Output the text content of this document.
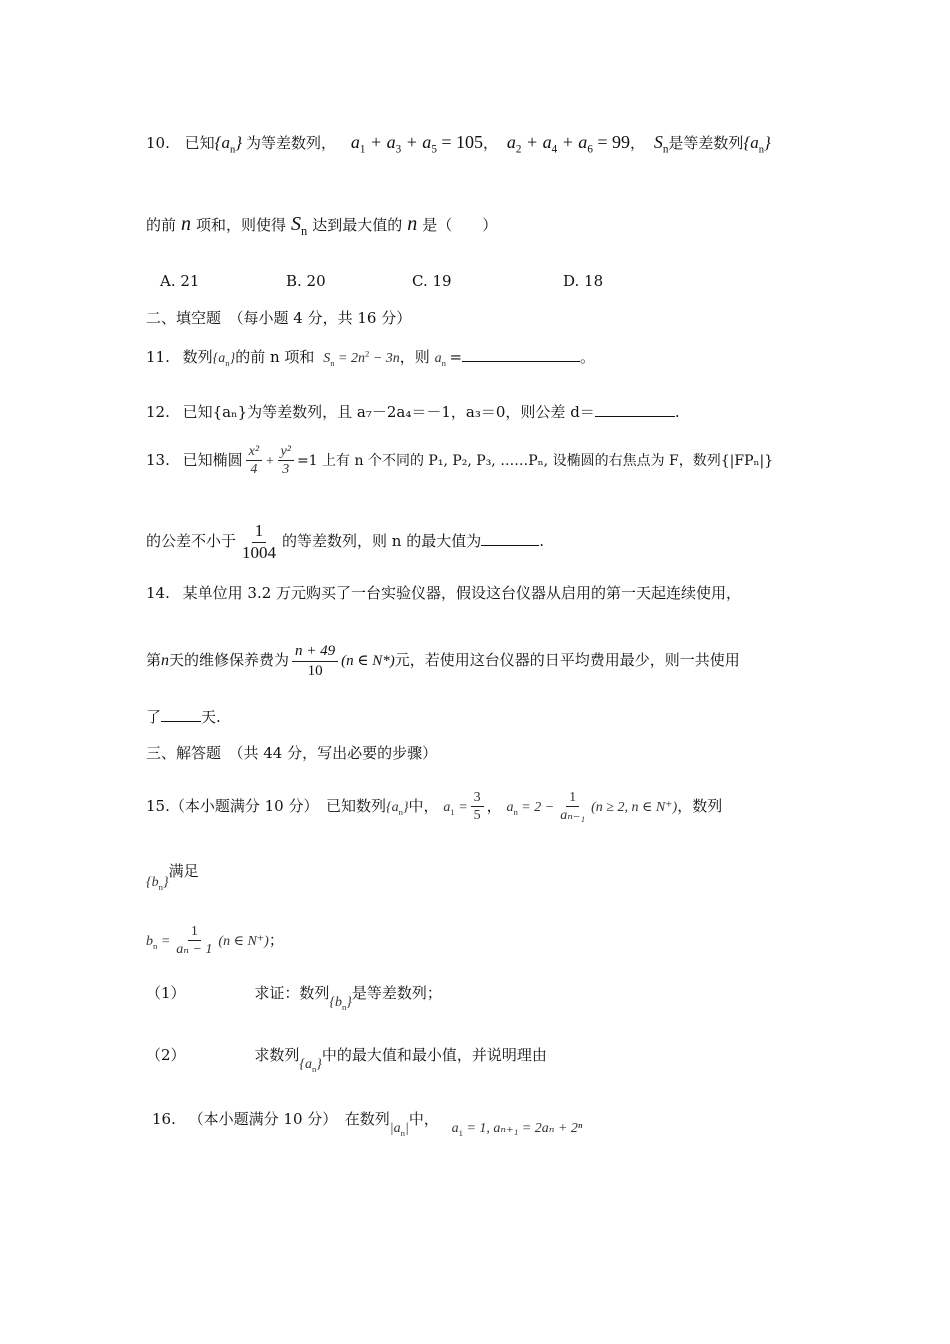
10. 已知$\{a_n\}$ 为等差数列， $a_1 + a_3 + a_5 = 105$， $a_2 + a_4 + a_6 = 99$， $S_n$是等差数列$\{a_n\}$
的前 n 项和，则使得 $S_n$ 达到最大值的 n 是（　　）
A. 21	B. 20	C. 19	D. 18
二、填空题　（每小题 4 分，共 16 分）
11. 数列$\{a_n\}$的前 n 项和 $S_n = 2n^2 - 3n$，则 $a_n$ =	。
12. 已知{aₙ}为等差数列，且 a₇－2a₄＝－1，a₃＝0，则公差 d＝	.
13. 已知椭圆 $\frac{\text{x²}}{4} + \frac{\text{y²}}{3} =1$ 上有 n 个不同的 P₁, P₂, P₃, ……Pₙ, 设椭圆的右焦点为 F，数列{|FPₙ|}
的公差不小于 $\frac{1}{1004}$ 的等差数列，则 n 的最大值为	.
14. 某单位用 3.2 万元购买了一台实验仪器，假设这台仪器从启用的第一天起连续使用，
第n天的维修保养费为 $\frac{n + 49}{10} (n$ ∈ N*)元，若使用这台仪器的日平均费用最少，则一共使用
了	天.
三、解答题　（共 44 分，写出必要的步骤）
15.（本小题满分 10 分）　已知数列$\{a_n\}$中， $a_1 = \frac{3}{5}$ ， $a_n = 2 - \frac{1}{\text{aₙ₋₁}} (n \ge 2$, n ∈ N⁺)，数列
$\{b_n\}$满足
$b_n = \frac{1}{\text{aₙ − 1}} (n$ ∈ N⁺)；
（1）	求证：数列$\{b_n\}$是等差数列；
（2）	求数列$\{a_n\}$中的最大值和最小值，并说明理由
16. （本小题满分 10 分）　在数列$|a_n|$中， $a_1 = 1$, aₙ₊₁ = 2aₙ + 2ⁿ
